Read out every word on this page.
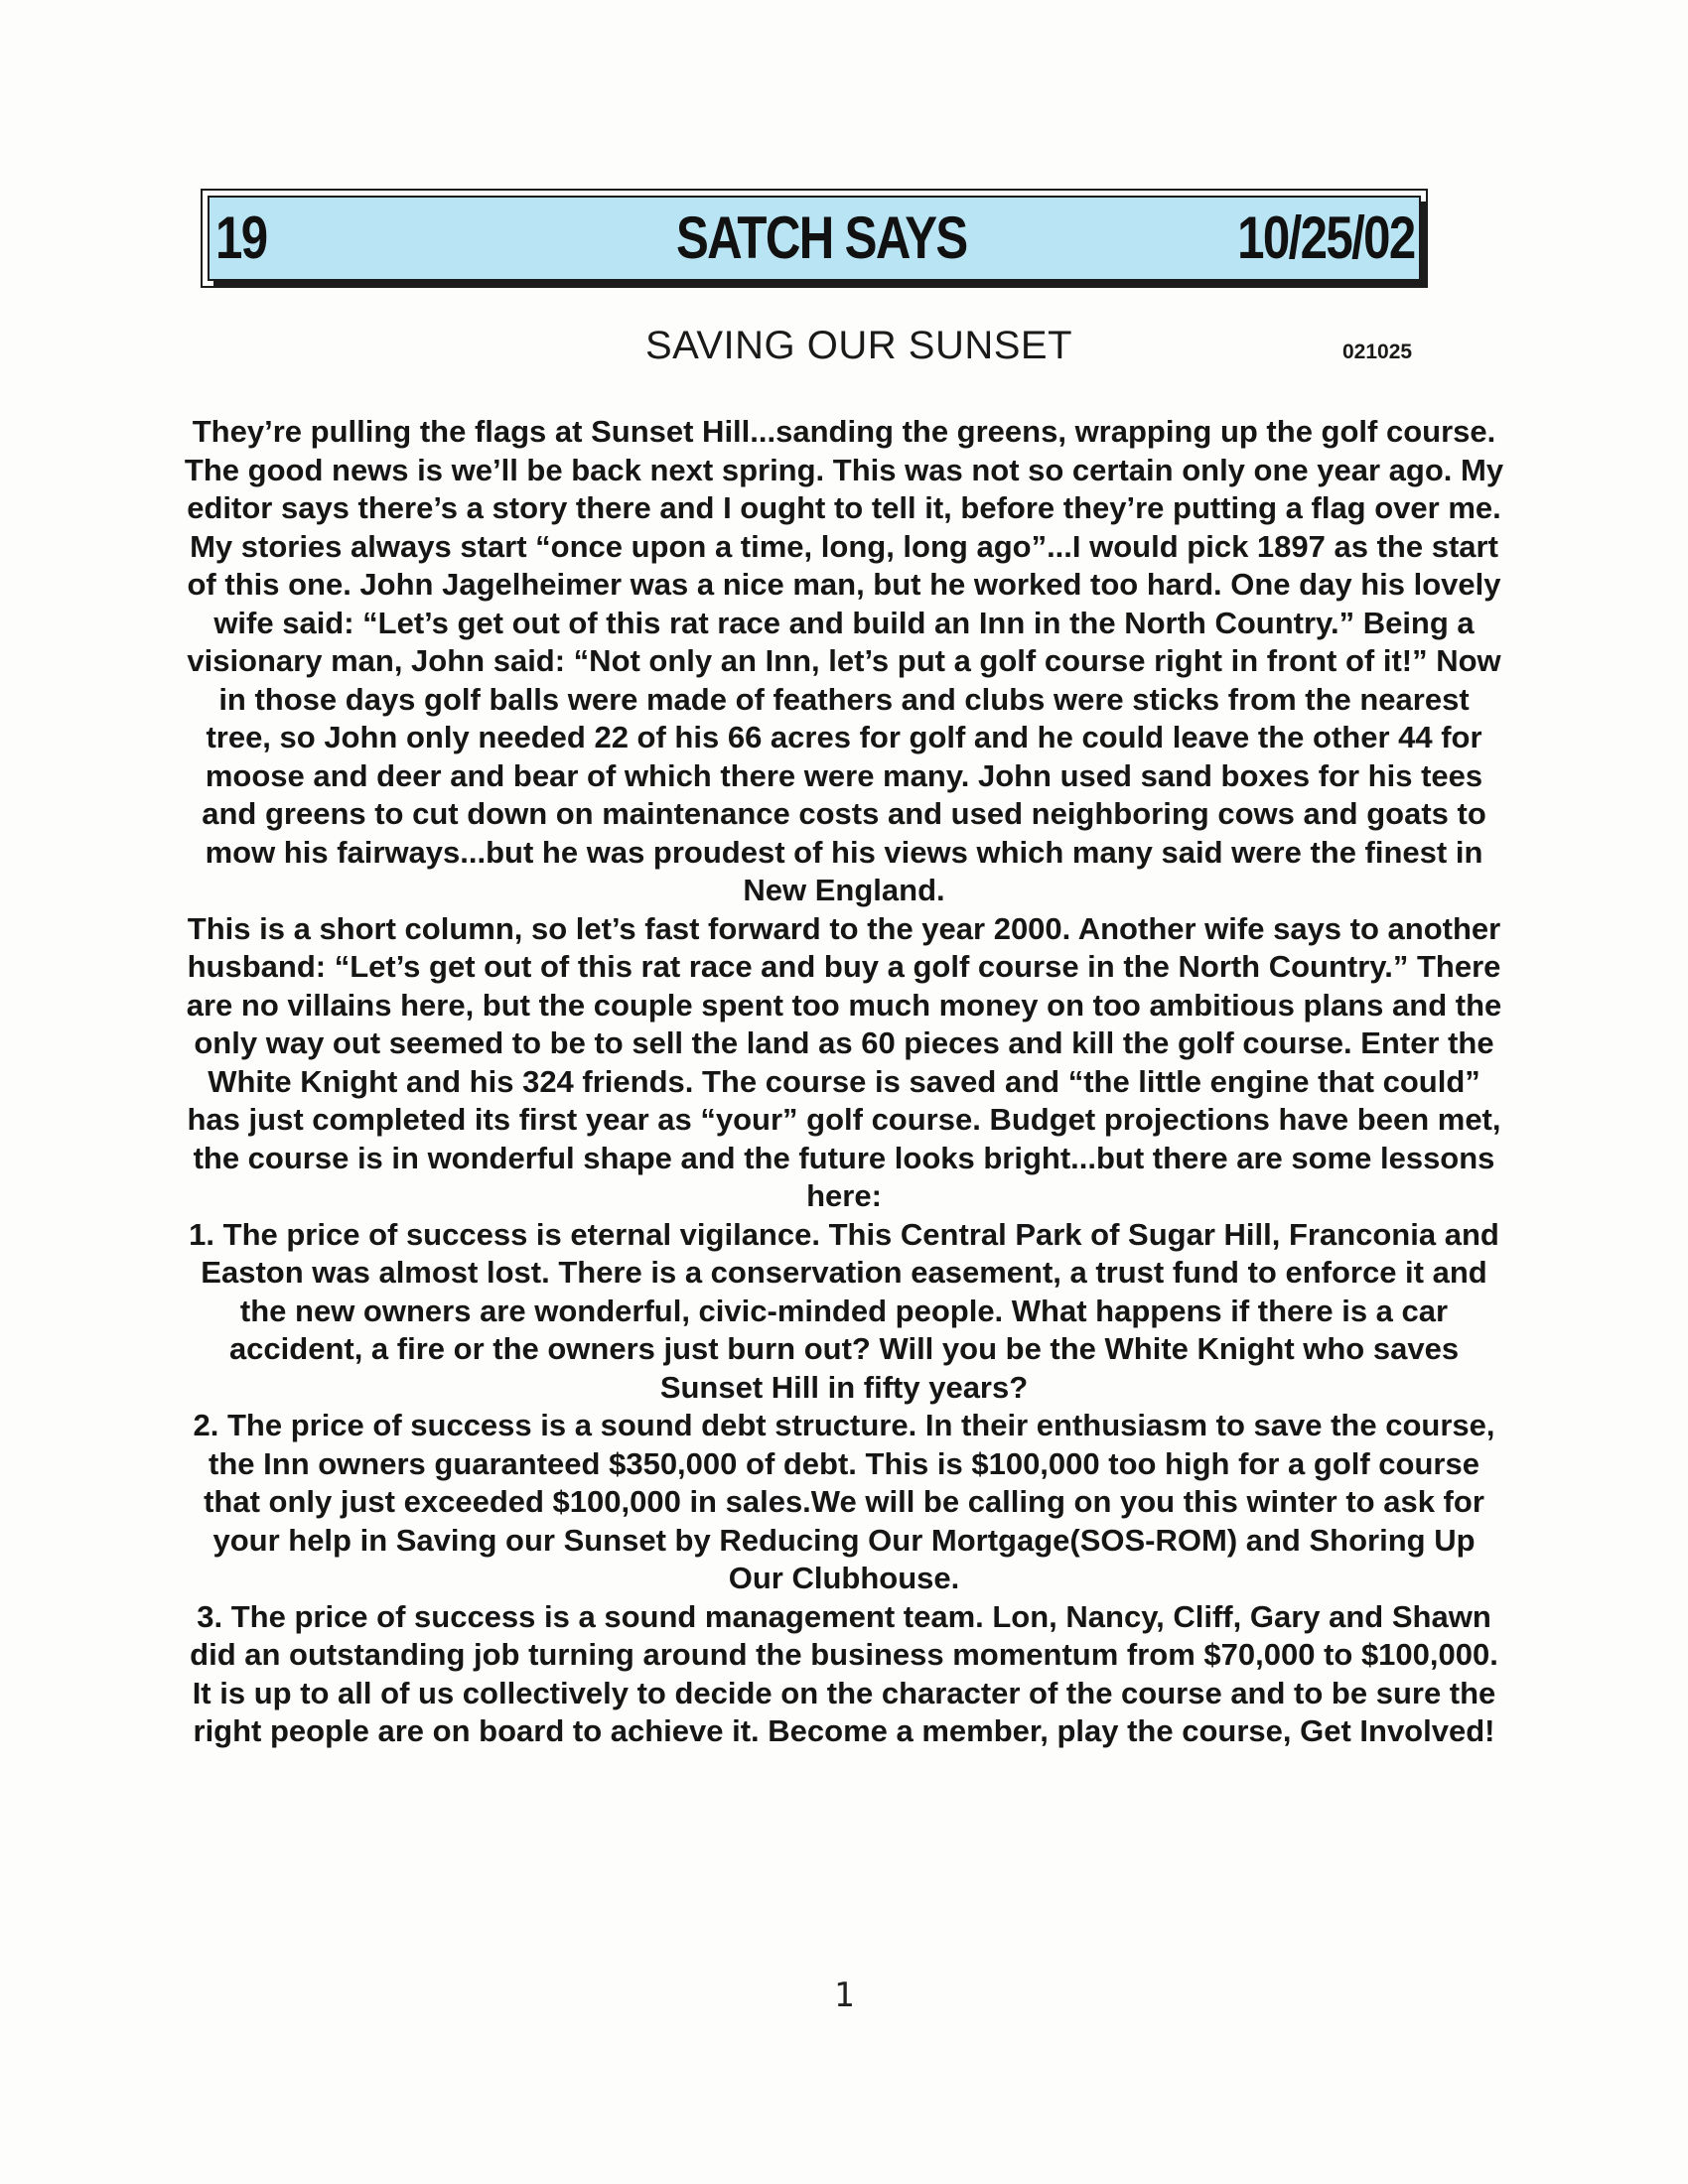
19	SATCH SAYS	10/25/02
SAVING OUR SUNSET	021025

They’re pulling the flags at Sunset Hill...sanding the greens, wrapping up the golf course. The good news is we’ll be back next spring. This was not so certain only one year ago. My editor says there’s a story there and I ought to tell it, before they’re putting a flag over me.

My stories always start “once upon a time, long, long ago”...I would pick 1897 as the start of this one. John Jagelheimer was a nice man, but he worked too hard. One day his lovely wife said: “Let’s get out of this rat race and build an Inn in the North Country.” Being a visionary man, John said: “Not only an Inn, let’s put a golf course right in front of it!” Now in those days golf balls were made of feathers and clubs were sticks from the nearest tree, so John only needed 22 of his 66 acres for golf and he could leave the other 44 for moose and deer and bear of which there were many. John used sand boxes for his tees and greens to cut down on maintenance costs and used neighboring cows and goats to mow his fairways...but he was proudest of his views which many said were the finest in New England.

This is a short column, so let’s fast forward to the year 2000. Another wife says to another husband: “Let’s get out of this rat race and buy a golf course in the North Country.” There are no villains here, but the couple spent too much money on too ambitious plans and the only way out seemed to be to sell the land as 60 pieces and kill the golf course. Enter the White Knight and his 324 friends. The course is saved and “the little engine that could” has just completed its first year as “your” golf course. Budget projections have been met, the course is in wonderful shape and the future looks bright...but there are some lessons here:

1. The price of success is eternal vigilance. This Central Park of Sugar Hill, Franconia and Easton was almost lost. There is a conservation easement, a trust fund to enforce it and the new owners are wonderful, civic-minded people. What happens if there is a car accident, a fire or the owners just burn out? Will you be the White Knight who saves Sunset Hill in fifty years?
2. The price of success is a sound debt structure. In their enthusiasm to save the course, the Inn owners guaranteed $350,000 of debt. This is $100,000 too high for a golf course that only just exceeded $100,000 in sales.We will be calling on you this winter to ask for your help in Saving our Sunset by Reducing Our Mortgage(SOS-ROM) and Shoring Up Our Clubhouse.
3. The price of success is a sound management team. Lon, Nancy, Cliff, Gary and Shawn did an outstanding job turning around the business momentum from $70,000 to $100,000. It is up to all of us collectively to decide on the character of the course and to be sure the right people are on board to achieve it. Become a member, play the course, Get Involved!
1
